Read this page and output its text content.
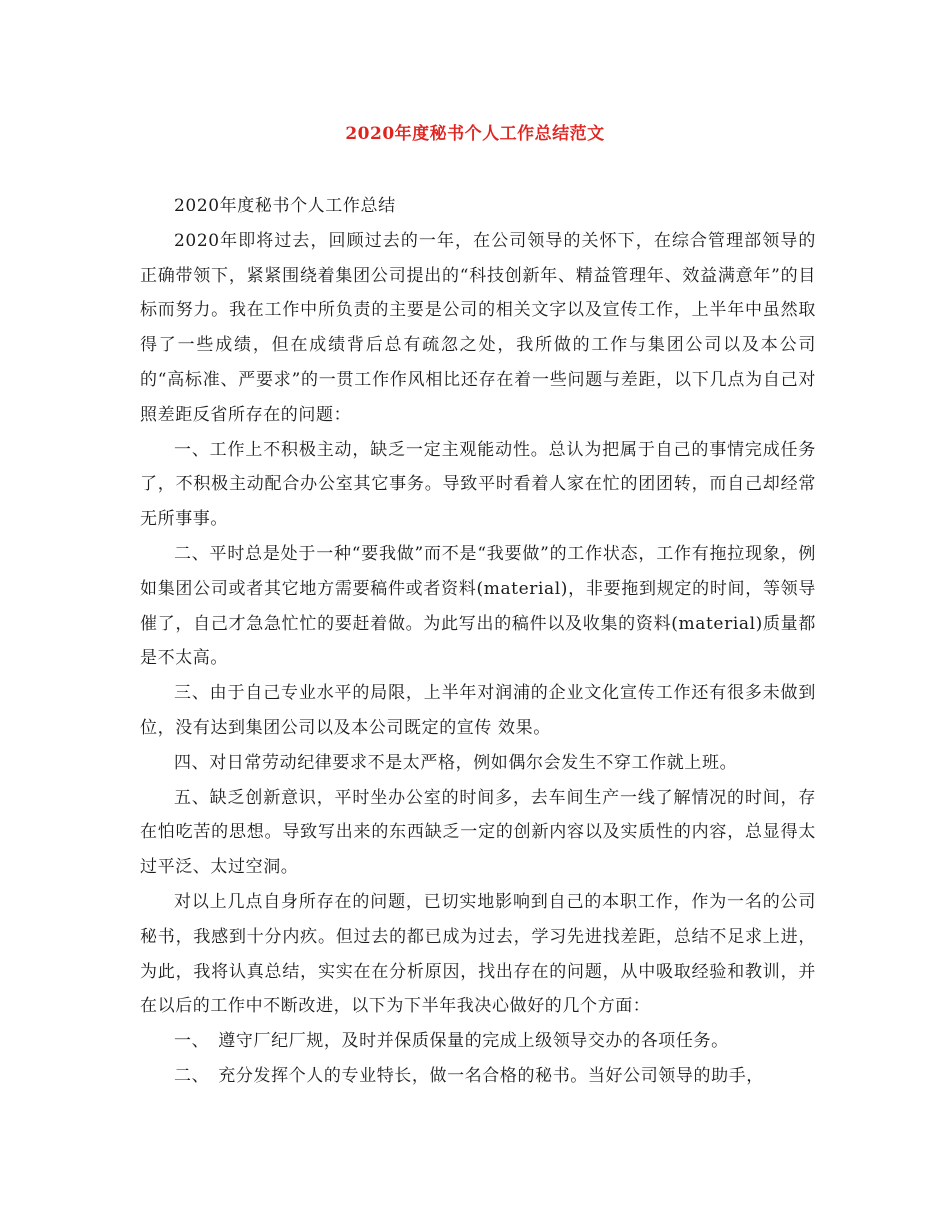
2020年度秘书个人工作总结范文

2020年度秘书个人工作总结

2020年即将过去，回顾过去的一年，在公司领导的关怀下，在综合管理部领导的正确带领下，紧紧围绕着集团公司提出的“科技创新年、精益管理年、效益满意年”的目标而努力。我在工作中所负责的主要是公司的相关文字以及宣传工作，上半年中虽然取得了一些成绩，但在成绩背后总有疏忽之处，我所做的工作与集团公司以及本公司的“高标准、严要求”的一贯工作作风相比还存在着一些问题与差距，以下几点为自己对照差距反省所存在的问题：

一、工作上不积极主动，缺乏一定主观能动性。总认为把属于自己的事情完成任务了，不积极主动配合办公室其它事务。导致平时看着人家在忙的团团转，而自己却经常无所事事。

二、平时总是处于一种“要我做”而不是“我要做”的工作状态，工作有拖拉现象，例如集团公司或者其它地方需要稿件或者资料(material)，非要拖到规定的时间，等领导催了，自己才急急忙忙的要赶着做。为此写出的稿件以及收集的资料(material)质量都是不太高。

三、由于自己专业水平的局限，上半年对润浦的企业文化宣传工作还有很多未做到位，没有达到集团公司以及本公司既定的宣传 效果。

四、对日常劳动纪律要求不是太严格，例如偶尔会发生不穿工作就上班。

五、缺乏创新意识，平时坐办公室的时间多，去车间生产一线了解情况的时间，存在怕吃苦的思想。导致写出来的东西缺乏一定的创新内容以及实质性的内容，总显得太过平泛、太过空洞。

对以上几点自身所存在的问题，已切实地影响到自己的本职工作，作为一名的公司秘书，我感到十分内疚。但过去的都已成为过去，学习先进找差距，总结不足求上进，为此，我将认真总结，实实在在分析原因，找出存在的问题，从中吸取经验和教训，并在以后的工作中不断改进，以下为下半年我决心做好的几个方面：

一、　遵守厂纪厂规，及时并保质保量的完成上级领导交办的各项任务。

二、　充分发挥个人的专业特长，做一名合格的秘书。当好公司领导的助手，
